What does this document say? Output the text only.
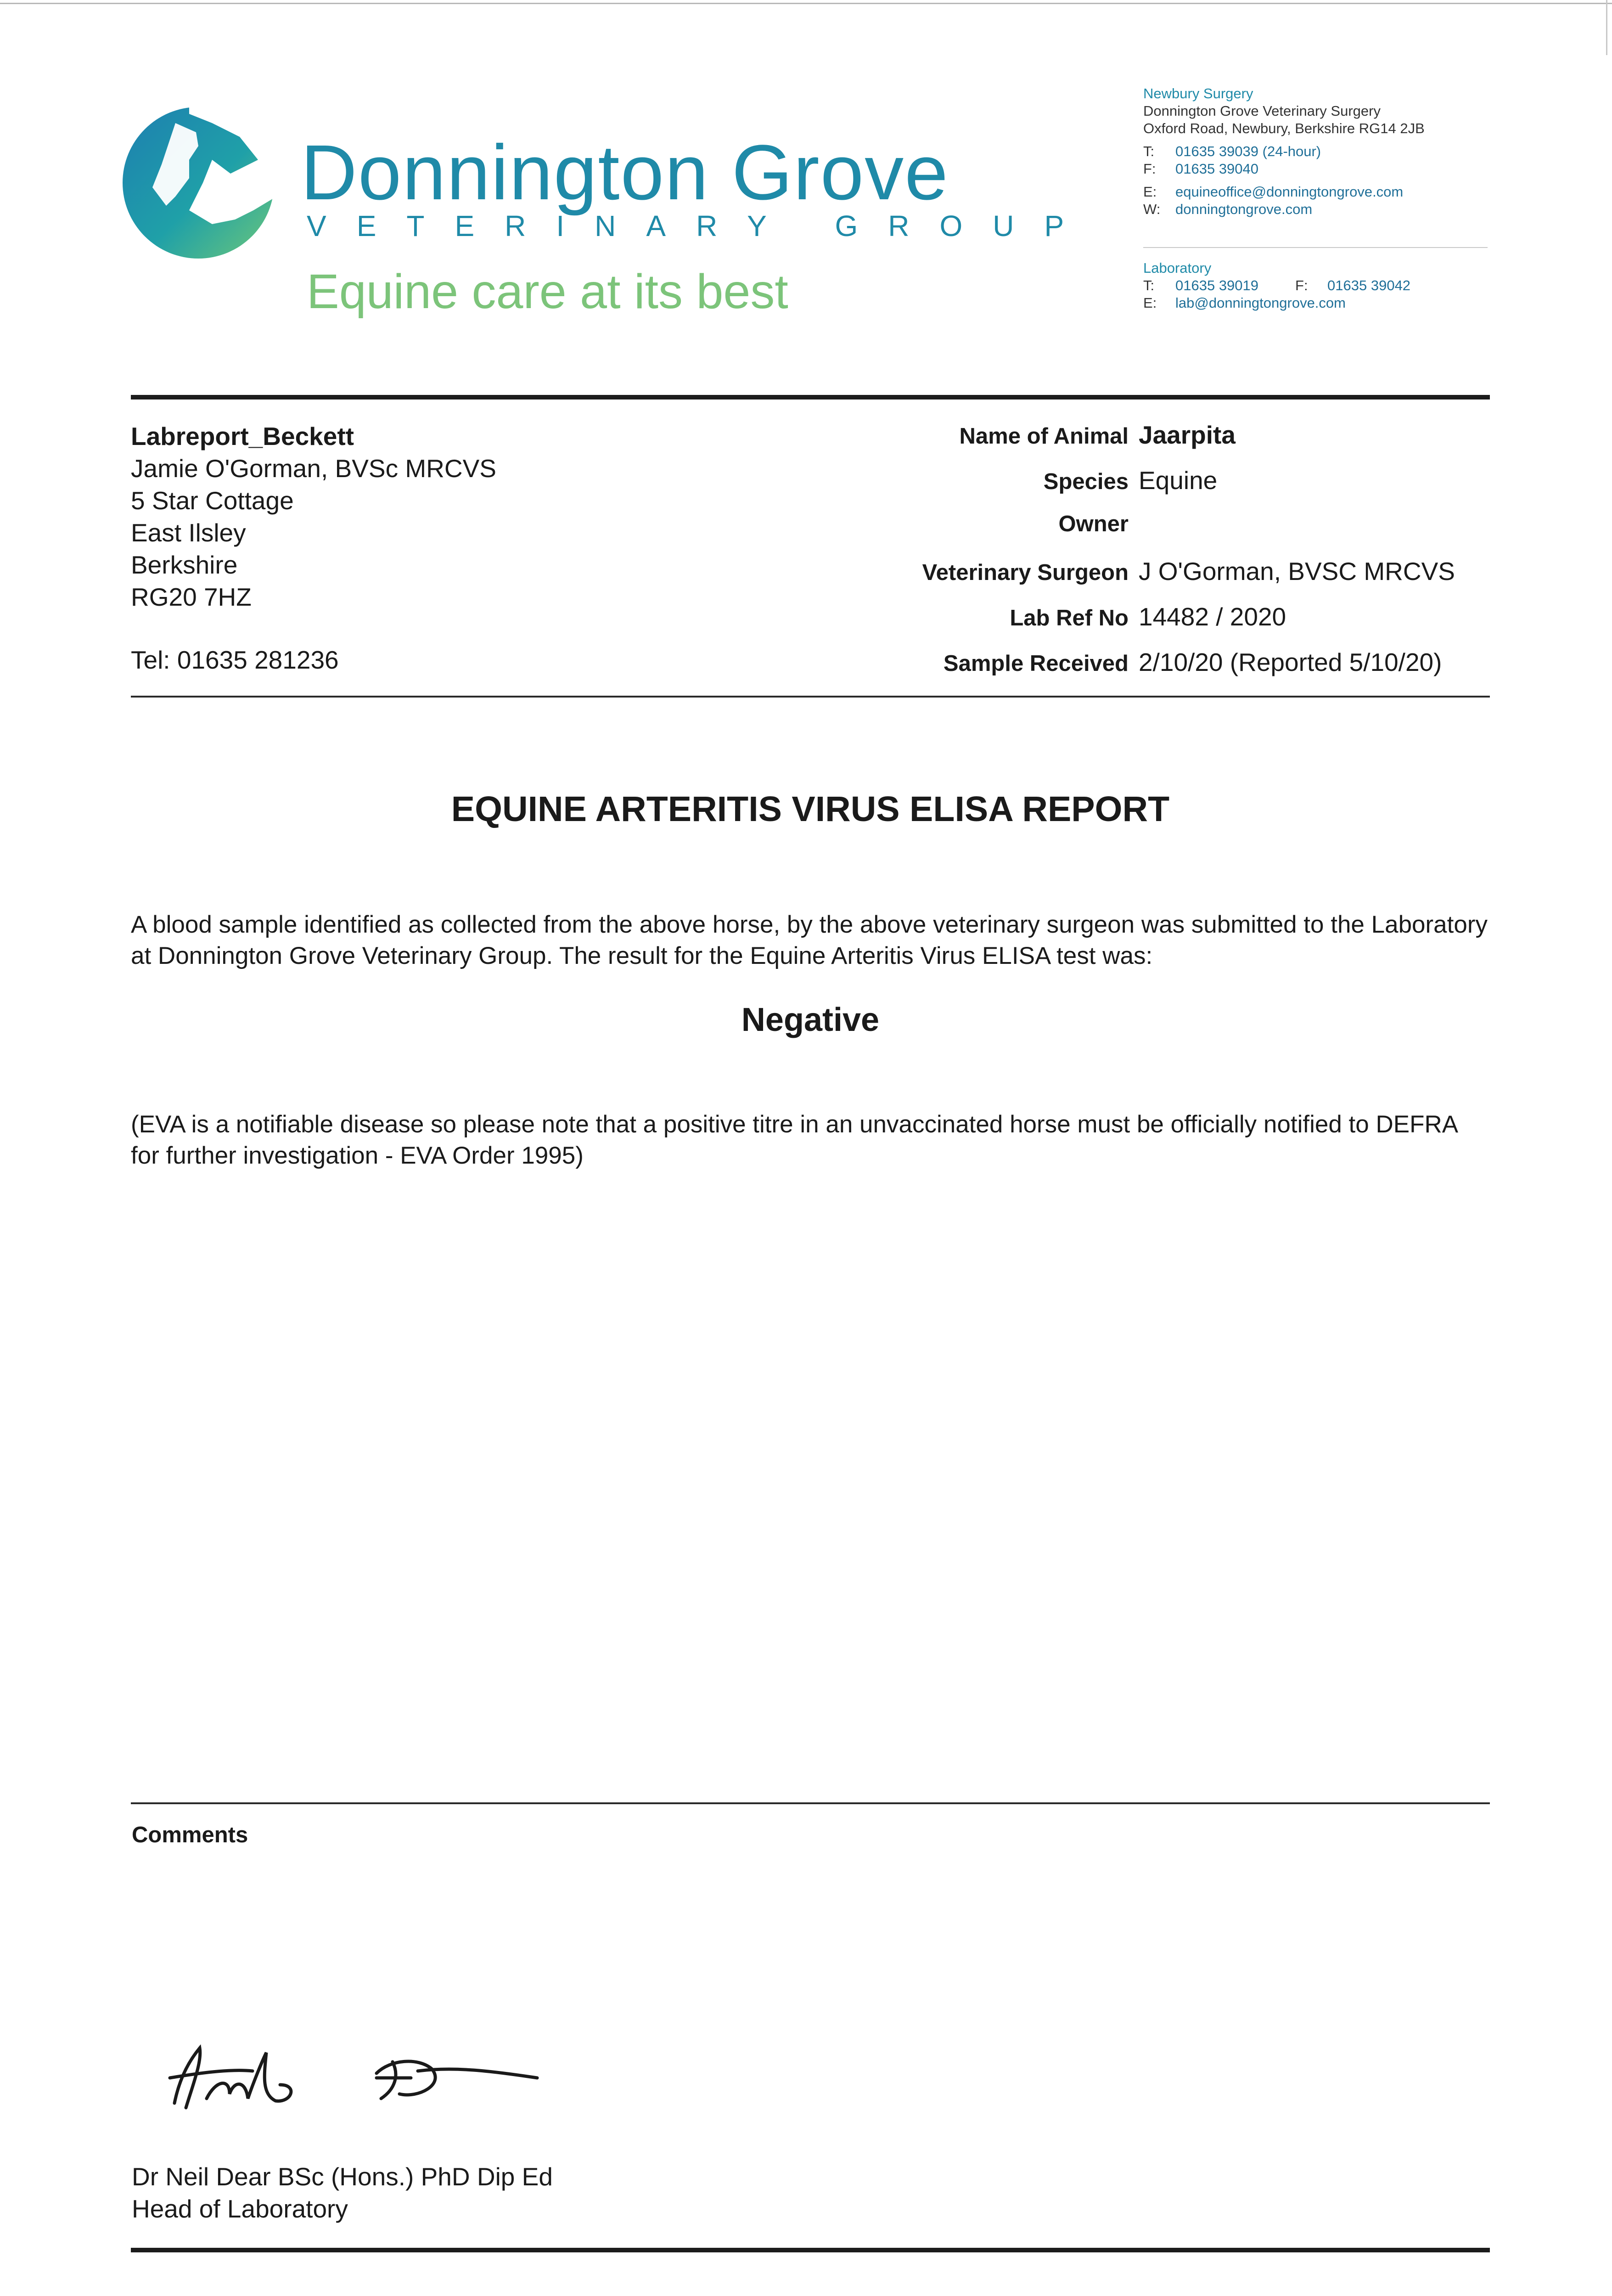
Donnington Grove
VETERINARY GROUP
Equine care at its best
Newbury Surgery
Donnington Grove Veterinary Surgery
Oxford Road, Newbury, Berkshire RG14 2JB
T: 01635 39039 (24-hour)
F: 01635 39040
E: equineoffice@donningtongrove.com
W: donningtongrove.com
Laboratory
T: 01635 39019	F: 01635 39042
E: lab@donningtongrove.com
Labreport_Beckett
Jamie O'Gorman, BVSc MRCVS
5 Star Cottage
East Ilsley
Berkshire
RG20 7HZ
Tel: 01635 281236
Name of Animal Jaarpita
Species Equine
Owner
Veterinary Surgeon J O'Gorman, BVSC MRCVS
Lab Ref No 14482 / 2020
Sample Received 2/10/20 (Reported 5/10/20)
EQUINE ARTERITIS VIRUS ELISA REPORT
A blood sample identified as collected from the above horse, by the above veterinary surgeon was submitted to the Laboratory at Donnington Grove Veterinary Group. The result for the Equine Arteritis Virus ELISA test was:
Negative
(EVA is a notifiable disease so please note that a positive titre in an unvaccinated horse must be officially notified to DEFRA for further investigation - EVA Order 1995)
Comments
Dr Neil Dear BSc (Hons.) PhD Dip Ed
Head of Laboratory
